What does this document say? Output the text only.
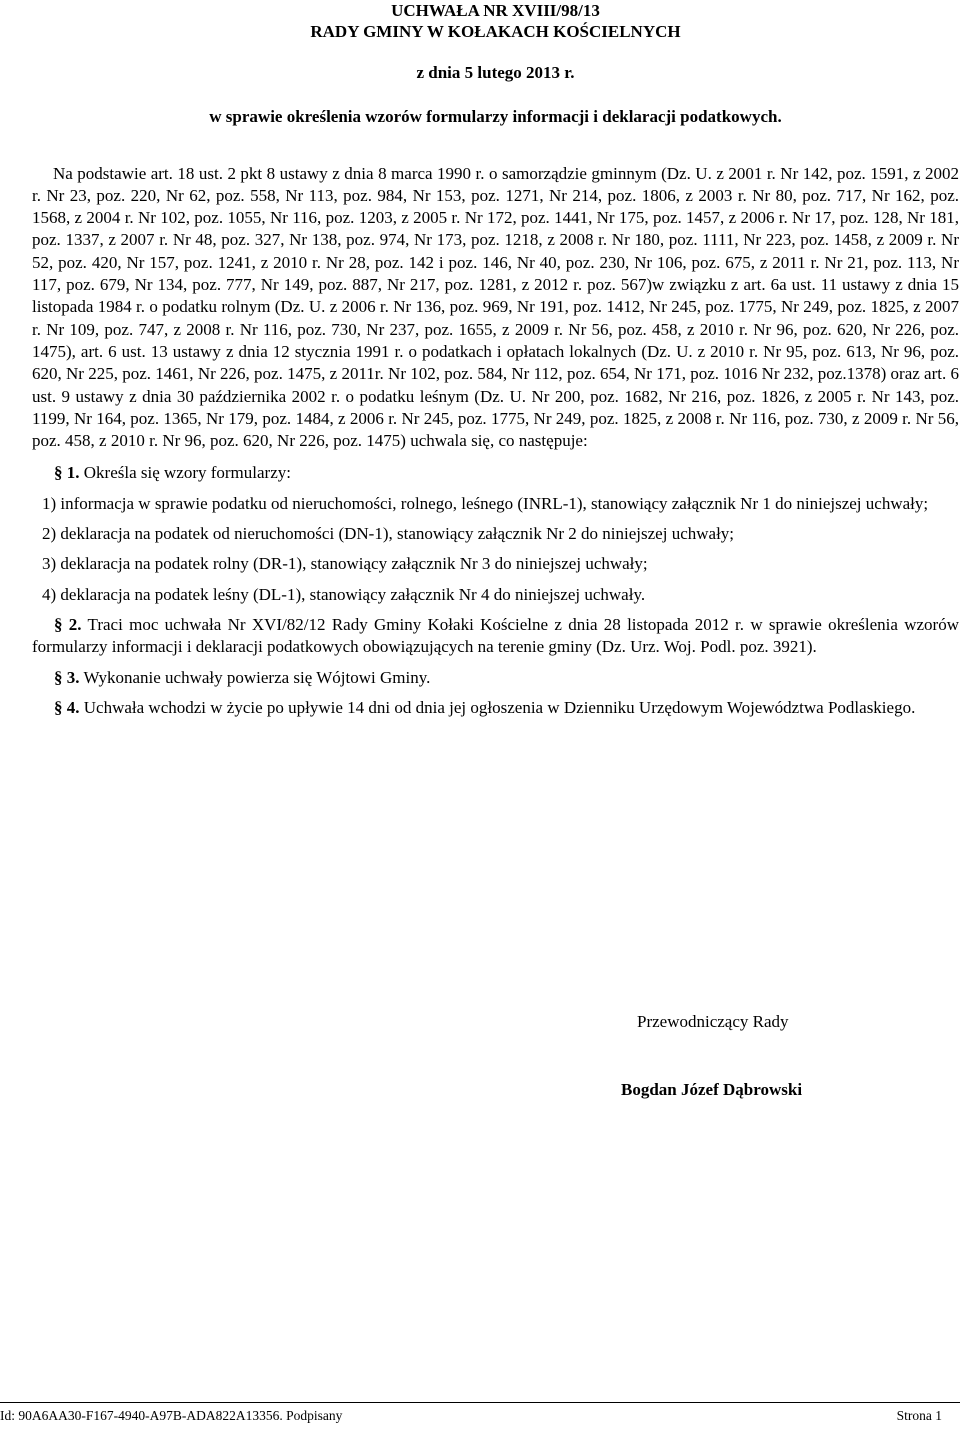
UCHWAŁA NR XVIII/98/13
RADY GMINY W KOŁAKACH KOŚCIELNYCH

z dnia 5 lutego 2013 r.

w sprawie określenia wzorów formularzy informacji i deklaracji podatkowych.

Na podstawie art. 18 ust. 2 pkt 8 ustawy z dnia 8 marca 1990 r. o samorządzie gminnym (Dz. U. z 2001 r. Nr 142, poz. 1591, z 2002 r. Nr 23, poz. 220, Nr 62, poz. 558, Nr 113, poz. 984, Nr 153, poz. 1271, Nr 214, poz. 1806, z 2003 r. Nr 80, poz. 717, Nr 162, poz. 1568, z 2004 r. Nr 102, poz. 1055, Nr 116, poz. 1203, z 2005 r. Nr 172, poz. 1441, Nr 175, poz. 1457, z 2006 r. Nr 17, poz. 128, Nr 181, poz. 1337, z 2007 r. Nr 48, poz. 327, Nr 138, poz. 974, Nr 173, poz. 1218, z 2008 r. Nr 180, poz. 1111, Nr 223, poz. 1458, z 2009 r. Nr 52, poz. 420, Nr 157, poz. 1241, z 2010 r. Nr 28, poz. 142 i poz. 146, Nr 40, poz. 230, Nr 106, poz. 675, z 2011 r. Nr 21, poz. 113, Nr 117, poz. 679, Nr 134, poz. 777, Nr 149, poz. 887, Nr 217, poz. 1281, z 2012 r. poz. 567)w związku z art. 6a ust. 11 ustawy z dnia 15 listopada 1984 r. o podatku rolnym (Dz. U. z 2006 r. Nr 136, poz. 969, Nr 191, poz. 1412, Nr 245, poz. 1775, Nr 249, poz. 1825, z 2007 r. Nr 109, poz. 747, z 2008 r. Nr 116, poz. 730, Nr 237, poz. 1655, z 2009 r. Nr 56, poz. 458, z 2010 r. Nr 96, poz. 620, Nr 226, poz. 1475), art. 6 ust. 13 ustawy z dnia 12 stycznia 1991 r. o podatkach i opłatach lokalnych (Dz. U. z 2010 r. Nr 95, poz. 613, Nr 96, poz. 620, Nr 225, poz. 1461, Nr 226, poz. 1475, z 2011r. Nr 102, poz. 584, Nr 112, poz. 654, Nr 171, poz. 1016 Nr 232, poz.1378) oraz art. 6 ust. 9 ustawy z dnia 30 października 2002 r. o podatku leśnym (Dz. U. Nr 200, poz. 1682, Nr 216, poz. 1826, z 2005 r. Nr 143, poz. 1199, Nr 164, poz. 1365, Nr 179, poz. 1484, z 2006 r. Nr 245, poz. 1775, Nr 249, poz. 1825, z 2008 r. Nr 116, poz. 730, z 2009 r. Nr 56, poz. 458, z 2010 r. Nr 96, poz. 620, Nr 226, poz. 1475) uchwala się, co następuje:

§ 1. Określa się wzory formularzy:

1) informacja w sprawie podatku od nieruchomości, rolnego, leśnego (INRL-1), stanowiący załącznik Nr 1 do niniejszej uchwały;

2) deklaracja na podatek od nieruchomości (DN-1), stanowiący załącznik Nr 2 do niniejszej uchwały;

3) deklaracja na podatek rolny (DR-1), stanowiący załącznik Nr 3 do niniejszej uchwały;

4) deklaracja na podatek leśny (DL-1), stanowiący załącznik Nr 4 do niniejszej uchwały.

§ 2. Traci moc uchwała Nr XVI/82/12 Rady Gminy Kołaki Kościelne z dnia 28 listopada 2012 r. w sprawie określenia wzorów formularzy informacji i deklaracji podatkowych obowiązujących na terenie gminy (Dz. Urz. Woj. Podl. poz. 3921).

§ 3. Wykonanie uchwały powierza się Wójtowi Gminy.

§ 4. Uchwała wchodzi w życie po upływie 14 dni od dnia jej ogłoszenia w Dzienniku Urzędowym Województwa Podlaskiego.

Przewodniczący Rady
Bogdan Józef Dąbrowski
Id: 90A6AA30-F167-4940-A97B-ADA822A13356. Podpisany	Strona 1
